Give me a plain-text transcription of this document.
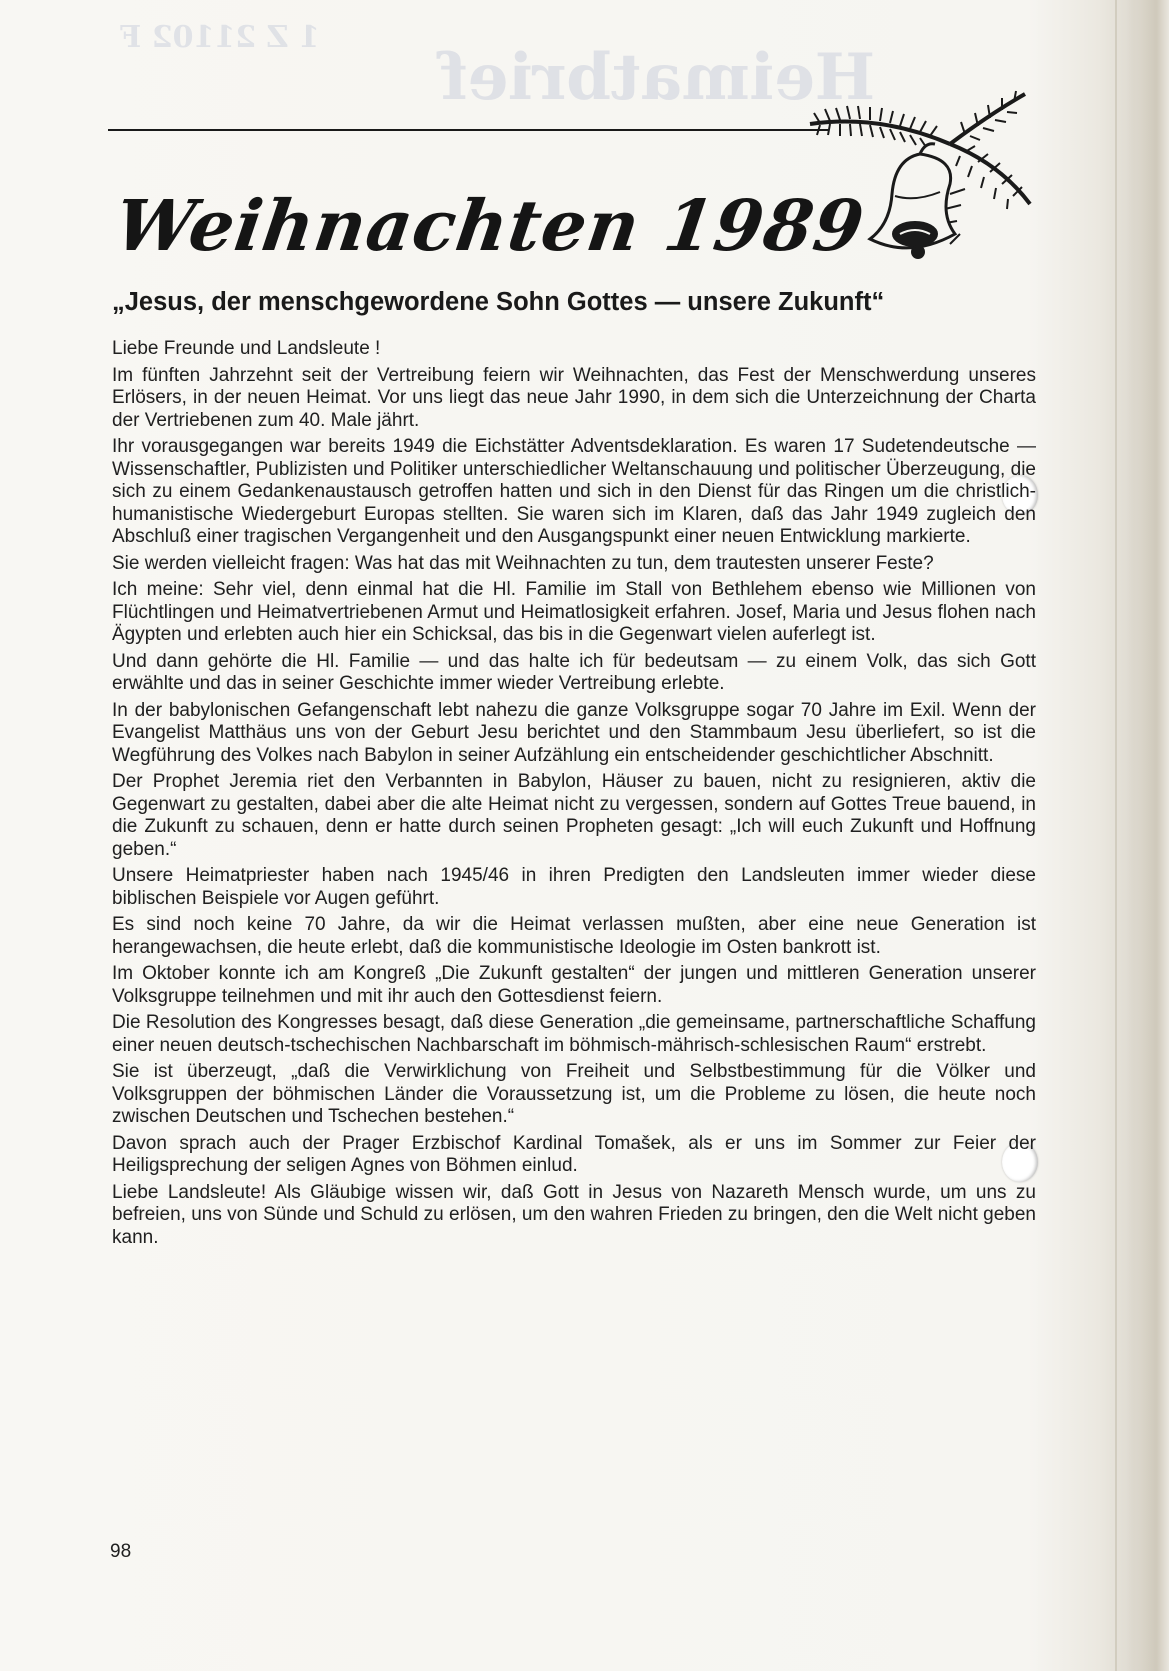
1 Z 21102 F
Heimatbrief
Weihnachten 1989
„Jesus, der menschgewordene Sohn Gottes — unsere Zukunft“

Liebe Freunde und Landsleute !

Im fünften Jahrzehnt seit der Vertreibung feiern wir Weihnachten, das Fest der Menschwerdung unseres Erlösers, in der neuen Heimat. Vor uns liegt das neue Jahr 1990, in dem sich die Unterzeichnung der Charta der Vertriebenen zum 40. Male jährt.

Ihr vorausgegangen war bereits 1949 die Eichstätter Adventsdeklaration. Es waren 17 Sudetendeutsche — Wissenschaftler, Publizisten und Politiker unterschiedlicher Weltanschauung und politischer Überzeugung, die sich zu einem Gedankenaustausch getroffen hatten und sich in den Dienst für das Ringen um die christlich-humanistische Wiedergeburt Europas stellten. Sie waren sich im Klaren, daß das Jahr 1949 zugleich den Abschluß einer tragischen Vergangenheit und den Ausgangspunkt einer neuen Entwicklung markierte.

Sie werden vielleicht fragen: Was hat das mit Weihnachten zu tun, dem trautesten unserer Feste?

Ich meine: Sehr viel, denn einmal hat die Hl. Familie im Stall von Bethlehem ebenso wie Millionen von Flüchtlingen und Heimatvertriebenen Armut und Heimatlosigkeit erfahren. Josef, Maria und Jesus flohen nach Ägypten und erlebten auch hier ein Schicksal, das bis in die Gegenwart vielen auferlegt ist.

Und dann gehörte die Hl. Familie — und das halte ich für bedeutsam — zu einem Volk, das sich Gott erwählte und das in seiner Geschichte immer wieder Vertreibung erlebte.

In der babylonischen Gefangenschaft lebt nahezu die ganze Volksgruppe sogar 70 Jahre im Exil. Wenn der Evangelist Matthäus uns von der Geburt Jesu berichtet und den Stammbaum Jesu überliefert, so ist die Wegführung des Volkes nach Babylon in seiner Aufzählung ein entscheidender geschichtlicher Abschnitt.

Der Prophet Jeremia riet den Verbannten in Babylon, Häuser zu bauen, nicht zu resignieren, aktiv die Gegenwart zu gestalten, dabei aber die alte Heimat nicht zu vergessen, sondern auf Gottes Treue bauend, in die Zukunft zu schauen, denn er hatte durch seinen Propheten gesagt: „Ich will euch Zukunft und Hoffnung geben.“

Unsere Heimatpriester haben nach 1945/46 in ihren Predigten den Landsleuten immer wieder diese biblischen Beispiele vor Augen geführt.

Es sind noch keine 70 Jahre, da wir die Heimat verlassen mußten, aber eine neue Generation ist herangewachsen, die heute erlebt, daß die kommunistische Ideologie im Osten bankrott ist.

Im Oktober konnte ich am Kongreß „Die Zukunft gestalten“ der jungen und mittleren Generation unserer Volksgruppe teilnehmen und mit ihr auch den Gottesdienst feiern.

Die Resolution des Kongresses besagt, daß diese Generation „die gemeinsame, partnerschaftliche Schaffung einer neuen deutsch-tschechischen Nachbarschaft im böhmisch-mährisch-schlesischen Raum“ erstrebt.

Sie ist überzeugt, „daß die Verwirklichung von Freiheit und Selbstbestimmung für die Völker und Volksgruppen der böhmischen Länder die Voraussetzung ist, um die Probleme zu lösen, die heute noch zwischen Deutschen und Tschechen bestehen.“

Davon sprach auch der Prager Erzbischof Kardinal Tomašek, als er uns im Sommer zur Feier der Heiligsprechung der seligen Agnes von Böhmen einlud.

Liebe Landsleute! Als Gläubige wissen wir, daß Gott in Jesus von Nazareth Mensch wurde, um uns zu befreien, uns von Sünde und Schuld zu erlösen, um den wahren Frieden zu bringen, den die Welt nicht geben kann.

98
